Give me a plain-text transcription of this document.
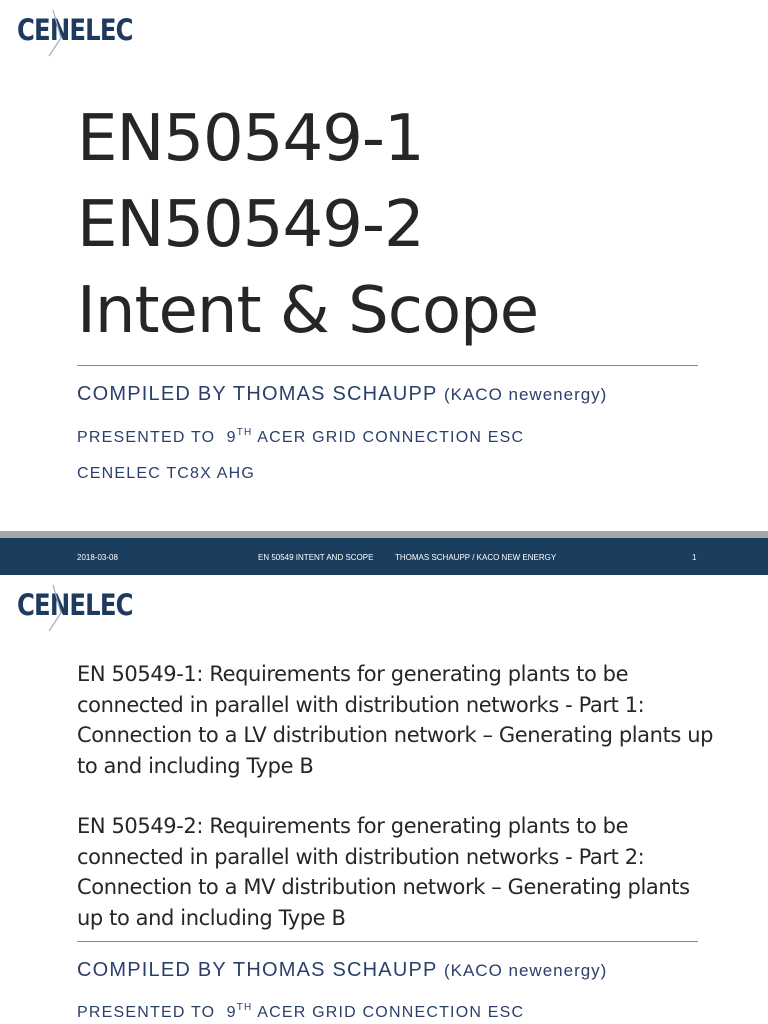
CENELEC
EN50549-1
EN50549-2
Intent & Scope
COMPILED BY THOMAS SCHAUPP (KACO newenergy)
PRESENTED TO 9TH ACER GRID CONNECTION ESC
CENELEC TC8X AHG
2018-03-08	EN 50549 INTENT AND SCOPE	THOMAS SCHAUPP / KACO NEW ENERGY	1
CENELEC

EN 50549-1: Requirements for generating plants to be connected in parallel with distribution networks - Part 1: Connection to a LV distribution network – Generating plants up to and including Type B

EN 50549-2: Requirements for generating plants to be connected in parallel with distribution networks - Part 2: Connection to a MV distribution network – Generating plants up to and including Type B

COMPILED BY THOMAS SCHAUPP (KACO newenergy)
PRESENTED TO 9TH ACER GRID CONNECTION ESC
